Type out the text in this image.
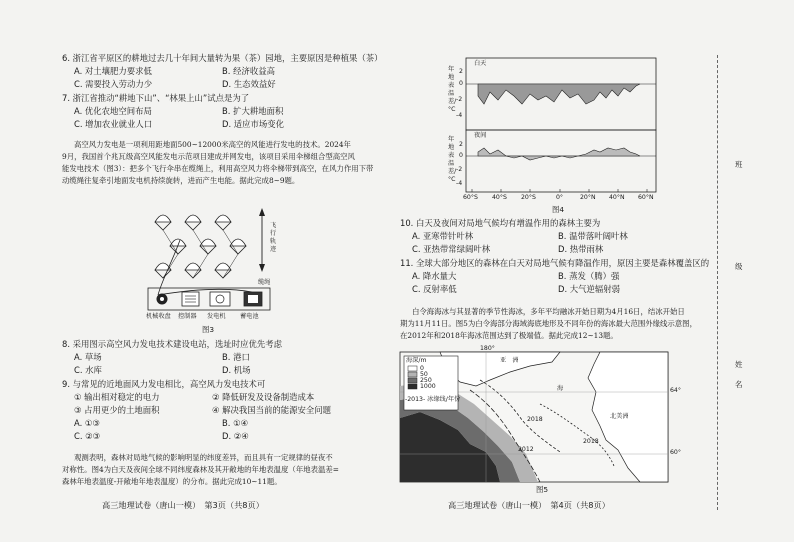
6. 浙江省平原区的耕地过去几十年间大量转为果（茶）园地，主要原因是种植果（茶）
A. 对土壤肥力要求低	B. 经济收益高
C. 需要投入劳动力少	D. 生态效益好
7. 浙江省推动“耕地下山”、“林果上山”试点是为了
A. 优化农地空间布局	B. 扩大耕地面积
C. 增加农业就业人口	D. 适应市场变化
高空风力发电是一项利用距地面500~12000米高空的风能进行发电的技术。2024年
9月，我国首个兆瓦级高空风能发电示范项目建成并网发电，该项目采用伞梯组合型高空风
能发电技术（图3）：把多个飞行伞串在缆绳上，利用高空风力将伞梯带到高空，在风力作用下带
动缆绳往复牵引地面发电机持续旋转，进而产生电能。据此完成8~9题。
飞行轨迹
缆绳
机械收盘 控制器 发电机 蓄电池
图3
8. 采用图示高空风力发电技术建设电站，选址时应优先考虑
A. 草场	B. 港口
C. 水库	D. 机场
9. 与常见的近地面风力发电相比，高空风力发电技术可
① 输出相对稳定的电力	② 降低研发及设备制造成本
③ 占用更少的土地面积	④ 解决我国当前的能源安全问题
A. ①③	B. ①④
C. ②③	D. ②④
观测表明，森林对局地气候的影响明显的纬度差异，而且具有一定规律的昼夜不
对称性。图4为白天及夜间全球不同纬度森林及其开敞地的年地表温度（年地表温差=
森林年地表温度-开敞地年地表温度）的分布。据此完成10~11题。
高三地理试卷（唐山一模）　第3页（共8页）
白天
夜间
年地表温差/°C
年地表温差/°C
2
0
-2
-4
2
0
-2
-4
60°S 40°S 20°S	0°	20°N 40°N 60°N
图4
10. 白天及夜间对局地气候均有增温作用的森林主要为
A. 亚寒带针叶林	B. 温带落叶阔叶林
C. 亚热带常绿阔叶林	D. 热带雨林
11. 全球大部分地区的森林在白天对局地气候有降温作用，原因主要是森林覆盖区的
A. 降水量大	B. 蒸发（腾）强
C. 反射率低	D. 大气逆辐射弱
白令海海冰与其显著的季节性海冰，多年平均融冰开始日期为4月16日，结冰开始日
期为11月11日。图5为白令海部分海域海底地形及不同年份的海冰最大范围外缘线示意图，
在2012年和2018年海冰范围达到了极端值。据此完成12~13题。
海深/m
0
50
250
1000
-2013- 冰缘线/年份
180°
64°
60°
亚　洲
海
北美洲
2018
2012
2018
图5
高三地理试卷（唐山一模）　第4页（共8页）
班
级
姓
名
